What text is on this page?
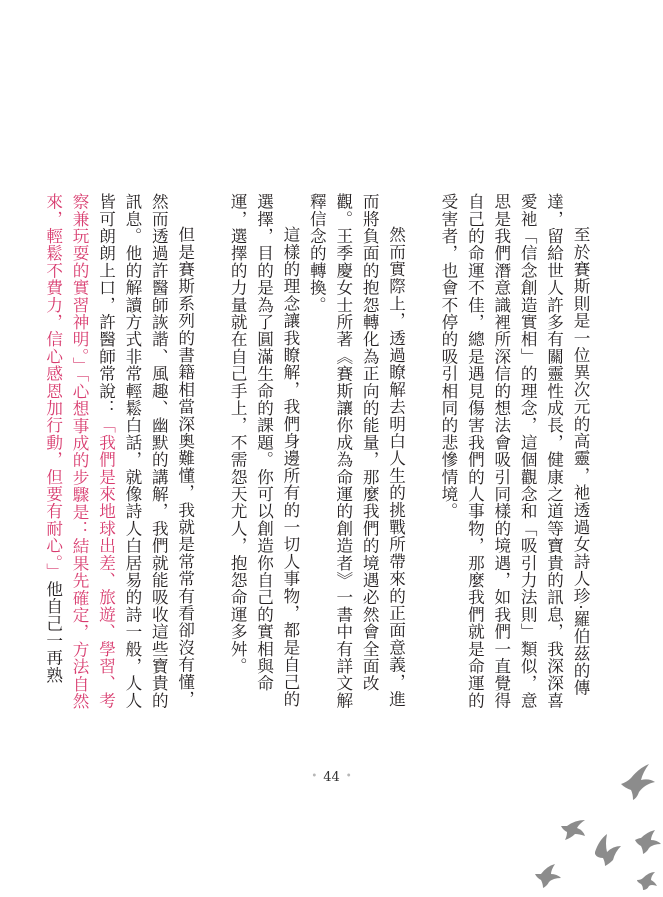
至於賽斯則是一位異次元的高靈，祂透過女詩人珍‧羅伯茲的傳達，留給世人許多有關靈性成長，健康之道等寶貴的訊息，我深深喜愛祂「信念創造實相」的理念，這個觀念和「吸引力法則」類似，意思是我們潛意識裡所深信的想法會吸引同樣的境遇，如我們一直覺得自己的命運不佳，總是遇見傷害我們的人事物，那麼我們就是命運的受害者，也會不停的吸引相同的悲慘情境。

然而實際上，透過瞭解去明白人生的挑戰所帶來的正面意義，進而將負面的抱怨轉化為正向的能量，那麼我們的境遇必然會全面改觀。王季慶女士所著《賽斯讓你成為命運的創造者》一書中有詳文解釋信念的轉換。

這樣的理念讓我瞭解，我們身邊所有的一切人事物，都是自己的選擇，目的是為了圓滿生命的課題。你可以創造你自己的實相與命運，選擇的力量就在自己手上，不需怨天尤人，抱怨命運多舛。

但是賽斯系列的書籍相當深奧難懂，我就是常常有看卻沒有懂，然而透過許醫師詼諧、風趣、幽默的講解，我們就能吸收這些寶貴的訊息。他的解讀方式非常輕鬆白話，就像詩人白居易的詩一般，人人皆可朗朗上口，許醫師常說：「我們是來地球出差、旅遊、學習、考察兼玩耍的實習神明。」「心想事成的步驟是：結果先確定，方法自然來，輕鬆不費力，信心感恩加行動，但要有耐心。」他自己一再熟

• 44 •
